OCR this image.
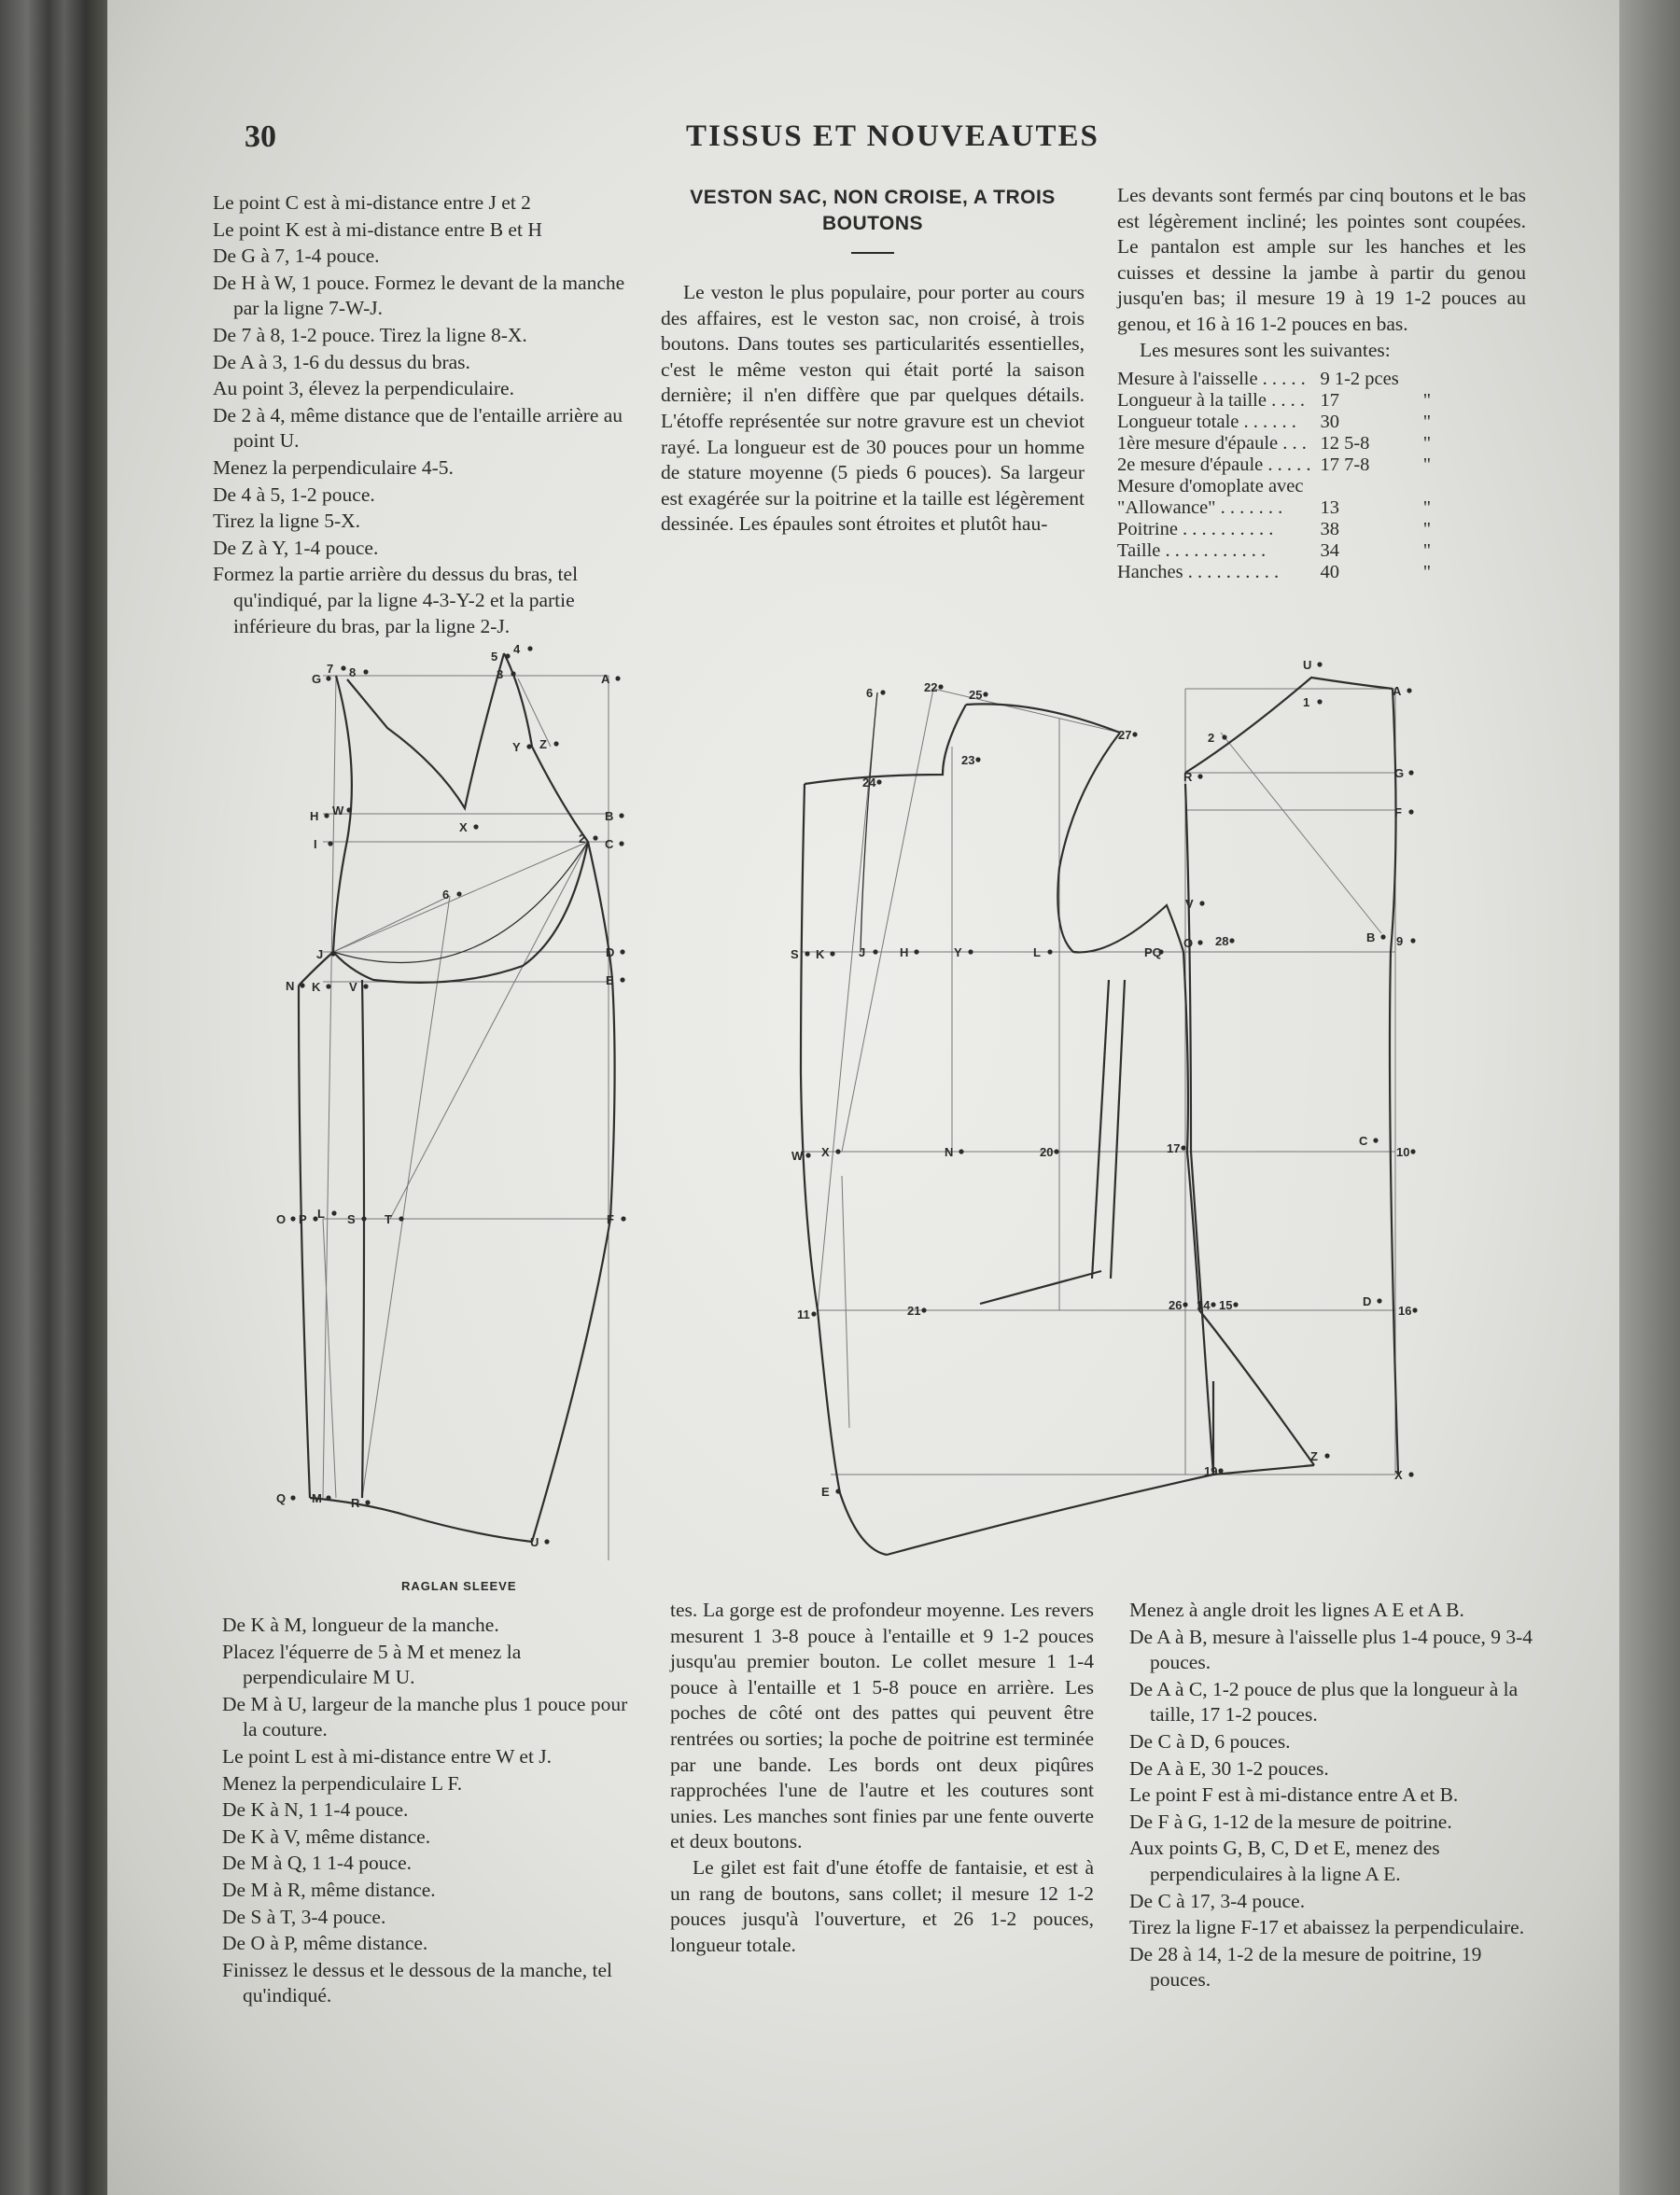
30	TISSUS ET NOUVEAUTES

Le point C est à mi-distance entre J et 2

Le point K est à mi-distance entre B et H

De G à 7, 1-4 pouce.

De H à W, 1 pouce. Formez le devant de la manche par la ligne 7-W-J.

De 7 à 8, 1-2 pouce. Tirez la ligne 8-X.

De A à 3, 1-6 du dessus du bras.

Au point 3, élevez la perpendiculaire.

De 2 à 4, même distance que de l'entaille arrière au point U.

Menez la perpendiculaire 4-5.

De 4 à 5, 1-2 pouce.

Tirez la ligne 5-X.

De Z à Y, 1-4 pouce.

Formez la partie arrière du dessus du bras, tel qu'indiqué, par la ligne 4-3-Y-2 et la partie inférieure du bras, par la ligne 2-J.

VESTON SAC, NON CROISE, A TROIS BOUTONS

Le veston le plus populaire, pour porter au cours des affaires, est le veston sac, non croisé, à trois boutons. Dans toutes ses particularités essentielles, c'est le même veston qui était porté la saison dernière; il n'en diffère que par quelques détails. L'étoffe représentée sur notre gravure est un cheviot rayé. La longueur est de 30 pouces pour un homme de stature moyenne (5 pieds 6 pouces). Sa largeur est exagérée sur la poitrine et la taille est légèrement dessinée. Les épaules sont étroites et plutôt hau-

Les devants sont fermés par cinq boutons et le bas est légèrement incliné; les pointes sont coupées. Le pantalon est ample sur les hanches et les cuisses et dessine la jambe à partir du genou jusqu'en bas; il mesure 19 à 19 1-2 pouces au genou, et 16 à 16 1-2 pouces en bas.

Les mesures sont les suivantes:

Mesure à l'aisselle . . . . .	9 1-2 pces	
Longueur à la taille . . . .	17	"
Longueur totale . . . . . .	30	"
1ère mesure d'épaule . . .	12 5-8	"
2e mesure d'épaule . . . . .	17 7-8	"
Mesure d'omoplate avec		
"Allowance" . . . . . . .	13	"
Poitrine . . . . . . . . . .	38	"
Taille . . . . . . . . . . .	34	"
Hanches . . . . . . . . . .	40	"
G
7 8
5
3
4
A
Y Z
H W
X
B
I	2 C
6
J	D
N K V	E
O P L S T	F
Q M R
U
6	22
25
23
24
27
U
A
1
2
R	G
F
V
S K	J	H	Y	L	PQ
O 28	B 9
W X	N	20	17
C
10
11	21	26 14 15	D
16
Z
19
E
X
RAGLAN SLEEVE

De K à M, longueur de la manche.

Placez l'équerre de 5 à M et menez la perpendiculaire M U.

De M à U, largeur de la manche plus 1 pouce pour la couture.

Le point L est à mi-distance entre W et J.

Menez la perpendiculaire L F.

De K à N, 1 1-4 pouce.

De K à V, même distance.

De M à Q, 1 1-4 pouce.

De M à R, même distance.

De S à T, 3-4 pouce.

De O à P, même distance.

Finissez le dessus et le dessous de la manche, tel qu'indiqué.

tes. La gorge est de profondeur moyenne. Les revers mesurent 1 3-8 pouce à l'entaille et 9 1-2 pouces jusqu'au premier bouton. Le collet mesure 1 1-4 pouce à l'entaille et 1 5-8 pouce en arrière. Les poches de côté ont des pattes qui peuvent être rentrées ou sorties; la poche de poitrine est terminée par une bande. Les bords ont deux piqûres rapprochées l'une de l'autre et les coutures sont unies. Les manches sont finies par une fente ouverte et deux boutons.

Le gilet est fait d'une étoffe de fantaisie, et est à un rang de boutons, sans collet; il mesure 12 1-2 pouces jusqu'à l'ouverture, et 26 1-2 pouces, longueur totale.

Menez à angle droit les lignes A E et A B.

De A à B, mesure à l'aisselle plus 1-4 pouce, 9 3-4 pouces.

De A à C, 1-2 pouce de plus que la longueur à la taille, 17 1-2 pouces.

De C à D, 6 pouces.

De A à E, 30 1-2 pouces.

Le point F est à mi-distance entre A et B.

De F à G, 1-12 de la mesure de poitrine.

Aux points G, B, C, D et E, menez des perpendiculaires à la ligne A E.

De C à 17, 3-4 pouce.

Tirez la ligne F-17 et abaissez la perpendiculaire.

De 28 à 14, 1-2 de la mesure de poitrine, 19 pouces.
